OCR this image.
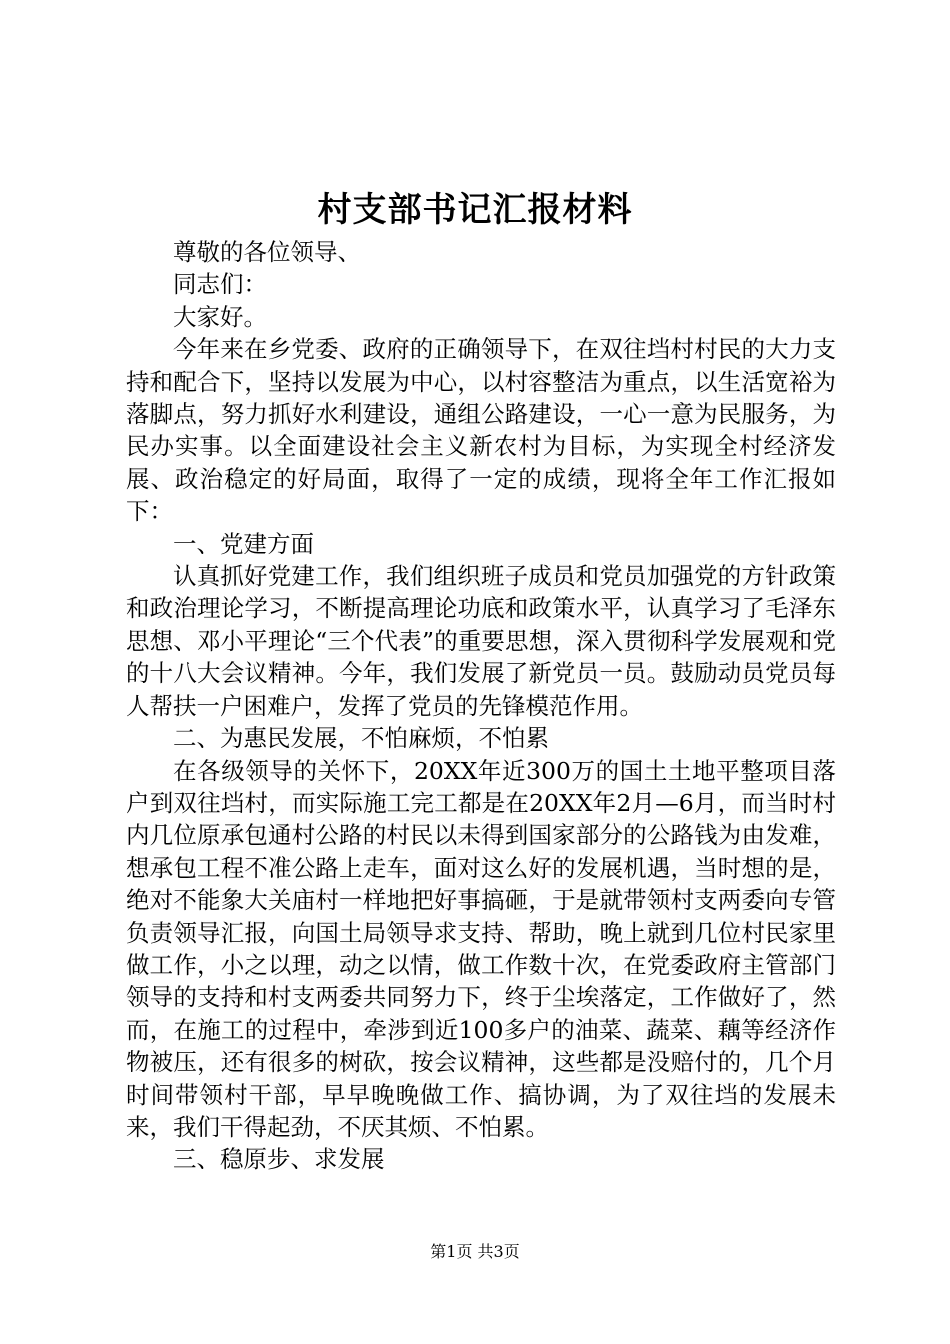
村支部书记汇报材料

尊敬的各位领导、

同志们：

大家好。

今年来在乡党委、政府的正确领导下，在双往垱村村民的大力支持和配合下，坚持以发展为中心，以村容整洁为重点，以生活宽裕为落脚点，努力抓好水利建设，通组公路建设，一心一意为民服务，为民办实事。以全面建设社会主义新农村为目标，为实现全村经济发展、政治稳定的好局面，取得了一定的成绩，现将全年工作汇报如下：

一、党建方面

认真抓好党建工作，我们组织班子成员和党员加强党的方针政策和政治理论学习，不断提高理论功底和政策水平，认真学习了毛泽东思想、邓小平理论“三个代表”的重要思想，深入贯彻科学发展观和党的十八大会议精神。今年，我们发展了新党员一员。鼓励动员党员每人帮扶一户困难户，发挥了党员的先锋模范作用。

二、为惠民发展，不怕麻烦，不怕累

在各级领导的关怀下，20XX年近300万的国土土地平整项目落户到双往垱村，而实际施工完工都是在20XX年2月—6月，而当时村内几位原承包通村公路的村民以未得到国家部分的公路钱为由发难，想承包工程不准公路上走车，面对这么好的发展机遇，当时想的是，绝对不能象大关庙村一样地把好事搞砸，于是就带领村支两委向专管负责领导汇报，向国土局领导求支持、帮助，晚上就到几位村民家里做工作，小之以理，动之以情，做工作数十次，在党委政府主管部门领导的支持和村支两委共同努力下，终于尘埃落定，工作做好了，然而，在施工的过程中，牵涉到近100多户的油菜、蔬菜、藕等经济作物被压，还有很多的树砍，按会议精神，这些都是没赔付的，几个月时间带领村干部，早早晚晚做工作、搞协调，为了双往垱的发展未来，我们干得起劲，不厌其烦、不怕累。

三、稳原步、求发展

第1页 共3页
